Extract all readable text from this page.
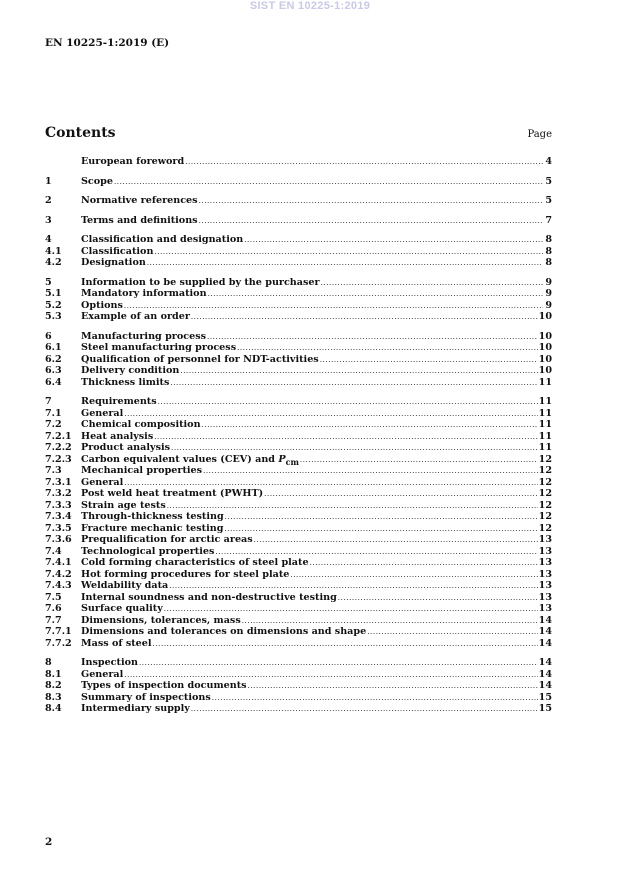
SIST EN 10225-1:2019
EN 10225-1:2019 (E)
Contents	Page
European foreword .....	4
1	Scope .....	5
2	Normative references .....	5
3	Terms and definitions .....	7
4	Classification and designation .....	8
4.1	Classification .....	8
4.2	Designation .....	8
5	Information to be supplied by the purchaser .....	9
5.1	Mandatory information .....	9
5.2	Options .....	9
5.3	Example of an order .....	10
6	Manufacturing process .....	10
6.1	Steel manufacturing process .....	10
6.2	Qualification of personnel for NDT-activities .....	10
6.3	Delivery condition .....	10
6.4	Thickness limits .....	11
7	Requirements .....	11
7.1	General .....	11
7.2	Chemical composition .....	11
7.2.1 Heat analysis .....	11
7.2.2 Product analysis .....	11
7.2.3 Carbon equivalent values (CEV) and $P_{cm}$ .....	12
7.3	Mechanical properties .....	12
7.3.1 General .....	12
7.3.2 Post weld heat treatment (PWHT) .....	12
7.3.3 Strain age tests .....	12
7.3.4 Through-thickness testing .....	12
7.3.5 Fracture mechanic testing .....	12
7.3.6 Prequalification for arctic areas .....	13
7.4	Technological properties .....	13
7.4.1 Cold forming characteristics of steel plate .....	13
7.4.2 Hot forming procedures for steel plate .....	13
7.4.3 Weldability data .....	13
7.5	Internal soundness and non-destructive testing .....	13
7.6	Surface quality .....	13
7.7	Dimensions, tolerances, mass .....	14
7.7.1 Dimensions and tolerances on dimensions and shape .....	14
7.7.2 Mass of steel .....	14
8	Inspection .....	14
8.1	General .....	14
8.2	Types of inspection documents .....	14
8.3	Summary of inspections .....	15
8.4	Intermediary supply .....	15
2
